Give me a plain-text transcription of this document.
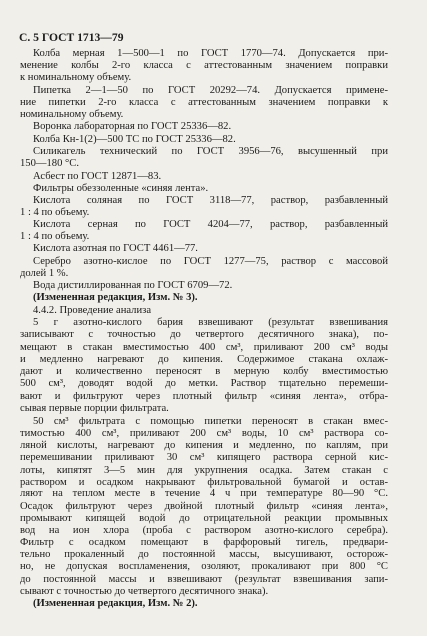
С. 5 ГОСТ 1713—79
Колба мерная 1—500—1 по ГОСТ 1770—74. Допускается при-
менение колбы 2-го класса с аттестованным значением поправки
к номинальному объему.
Пипетка 2—1—50 по ГОСТ 20292—74. Допускается примене-
ние пипетки 2-го класса с аттестованным значением поправки к
номинальному объему.
Воронка лабораторная по ГОСТ 25336—82.
Колба Кн-1(2)—500 ТС по ГОСТ 25336—82.
Силикагель технический по ГОСТ 3956—76, высушенный при
150—180 °С.
Асбест по ГОСТ 12871—83.
Фильтры обеззоленные «синяя лента».
Кислота соляная по ГОСТ 3118—77, раствор, разбавленный
1 : 4 по объему.
Кислота серная по ГОСТ 4204—77, раствор, разбавленный
1 : 4 по объему.
Кислота азотная по ГОСТ 4461—77.
Серебро азотно-кислое по ГОСТ 1277—75, раствор с массовой
долей 1 %.
Вода дистиллированная по ГОСТ 6709—72.
(Измененная редакция, Изм. № 3).
4.4.2. Проведение анализа
5 г азотно-кислого бария взвешивают (результат взвешивания
записывают с точностью до четвертого десятичного знака), по-
мещают в стакан вместимостью 400 см³, приливают 200 см³ воды
и медленно нагревают до кипения. Содержимое стакана охлаж-
дают и количественно переносят в мерную колбу вместимостью
500 см³, доводят водой до метки. Раствор тщательно перемеши-
вают и фильтруют через плотный фильтр «синяя лента», отбра-
сывая первые порции фильтрата.
50 см³ фильтрата с помощью пипетки переносят в стакан вмес-
тимостью 400 см³, приливают 200 см³ воды, 10 см³ раствора со-
ляной кислоты, нагревают до кипения и медленно, по каплям, при
перемешивании приливают 30 см³ кипящего раствора серной кис-
лоты, кипятят 3—5 мин для укрупнения осадка. Затем стакан с
раствором и осадком накрывают фильтровальной бумагой и остав-
ляют на теплом месте в течение 4 ч при температуре 80—90 °С.
Осадок фильтруют через двойной плотный фильтр «синяя лента»,
промывают кипящей водой до отрицательной реакции промывных
вод на ион хлора (проба с раствором азотно-кислого серебра).
Фильтр с осадком помещают в фарфоровый тигель, предвари-
тельно прокаленный до постоянной массы, высушивают, осторож-
но, не допуская воспламенения, озоляют, прокаливают при 800 °С
до постоянной массы и взвешивают (результат взвешивания запи-
сывают с точностью до четвертого десятичного знака).
(Измененная редакция, Изм. № 2).
